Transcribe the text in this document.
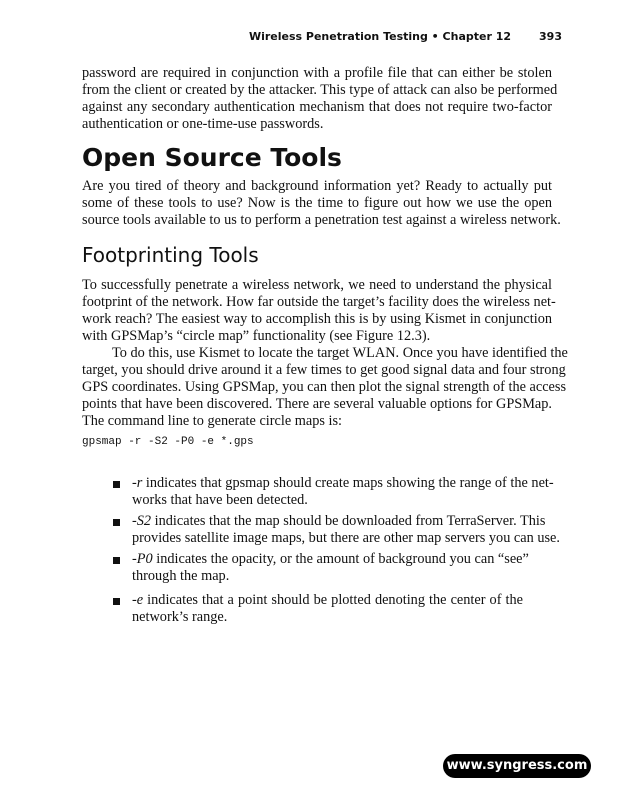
Wireless Penetration Testing • Chapter 12	393
password are required in conjunction with a profile file that can either be stolen
from the client or created by the attacker. This type of attack can also be performed
against any secondary authentication mechanism that does not require two-factor
authentication or one-time-use passwords.
Open Source Tools
Are you tired of theory and background information yet? Ready to actually put
some of these tools to use? Now is the time to figure out how we use the open
source tools available to us to perform a penetration test against a wireless network.
Footprinting Tools
To successfully penetrate a wireless network, we need to understand the physical
footprint of the network. How far outside the target’s facility does the wireless net-
work reach? The easiest way to accomplish this is by using Kismet in conjunction
with GPSMap’s “circle map” functionality (see Figure 12.3).
To do this, use Kismet to locate the target WLAN. Once you have identified the
target, you should drive around it a few times to get good signal data and four strong
GPS coordinates. Using GPSMap, you can then plot the signal strength of the access
points that have been discovered. There are several valuable options for GPSMap.
The command line to generate circle maps is:
gpsmap -r -S2 -P0 -e *.gps
-r indicates that gpsmap should create maps showing the range of the net-
works that have been detected.
-S2 indicates that the map should be downloaded from TerraServer. This
provides satellite image maps, but there are other map servers you can use.
-P0 indicates the opacity, or the amount of background you can “see”
through the map.
-e indicates that a point should be plotted denoting the center of the
network’s range.
www.syngress.com
